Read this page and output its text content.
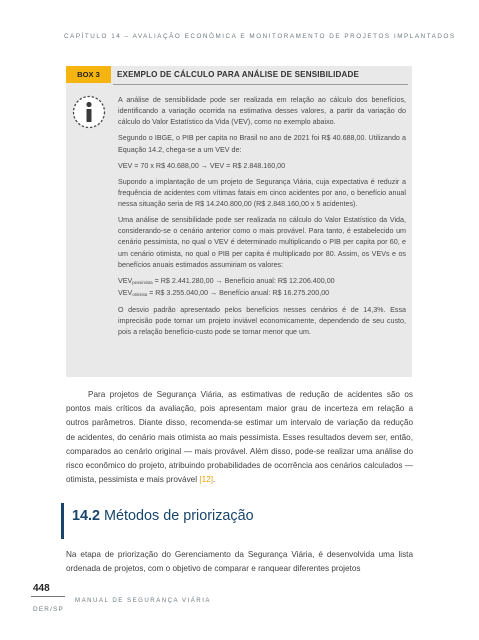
CAPÍTULO 14 – AVALIAÇÃO ECONÔMICA E MONITORAMENTO DE PROJETOS IMPLANTADOS
BOX 3	EXEMPLO DE CÁLCULO PARA ANÁLISE DE SENSIBILIDADE

A análise de sensibilidade pode ser realizada em relação ao cálculo dos benefícios, identificando a variação ocorrida na estimativa desses valores, a partir da variação do cálculo do Valor Estatístico da Vida (VEV), como no exemplo abaixo.

Segundo o IBGE, o PIB per capita no Brasil no ano de 2021 foi R$ 40.688,00. Utilizando a Equação 14.2, chega-se a um VEV de:

VEV = 70 x R$ 40.688,00 → VEV = R$ 2.848.160,00

Supondo a implantação de um projeto de Segurança Viária, cuja expectativa é reduzir a frequência de acidentes com vítimas fatais em cinco acidentes por ano, o benefício anual nessa situação seria de R$ 14.240.800,00 (R$ 2.848.160,00 x 5 acidentes).

Uma análise de sensibilidade pode ser realizada no cálculo do Valor Estatístico da Vida, considerando-se o cenário anterior como o mais provável. Para tanto, é estabelecido um cenário pessimista, no qual o VEV é determinado multiplicando o PIB per capita por 60, e um cenário otimista, no qual o PIB per capita é multiplicado por 80. Assim, os VEVs e os benefícios anuais estimados assumiriam os valores:

$VEV_{pessimista}$ = R$ 2.441.280,00 → Benefício anual: R$ 12.206.400,00

$VEV_{otimista}$ = R$ 3.255.040,00 → Benefício anual: R$ 16.275.200,00

O desvio padrão apresentado pelos benefícios nesses cenários é de 14,3%. Essa imprecisão pode tornar um projeto inviável economicamente, dependendo de seu custo, pois a relação benefício-custo pode se tornar menor que um.

Para projetos de Segurança Viária, as estimativas de redução de acidentes são os pontos mais críticos da avaliação, pois apresentam maior grau de incerteza em relação a outros parâmetros. Diante disso, recomenda-se estimar um intervalo de variação da redução de acidentes, do cenário mais otimista ao mais pessimista. Esses resultados devem ser, então, comparados ao cenário original — mais provável. Além disso, pode-se realizar uma análise do risco econômico do projeto, atribuindo probabilidades de ocorrência aos cenários calculados — otimista, pessimista e mais provável [12].

14.2 Métodos de priorização

Na etapa de priorização do Gerenciamento da Segurança Viária, é desenvolvida uma lista ordenada de projetos, com o objetivo de comparar e ranquear diferentes projetos

448
MANUAL DE SEGURANÇA VIÁRIA
DER/SP
